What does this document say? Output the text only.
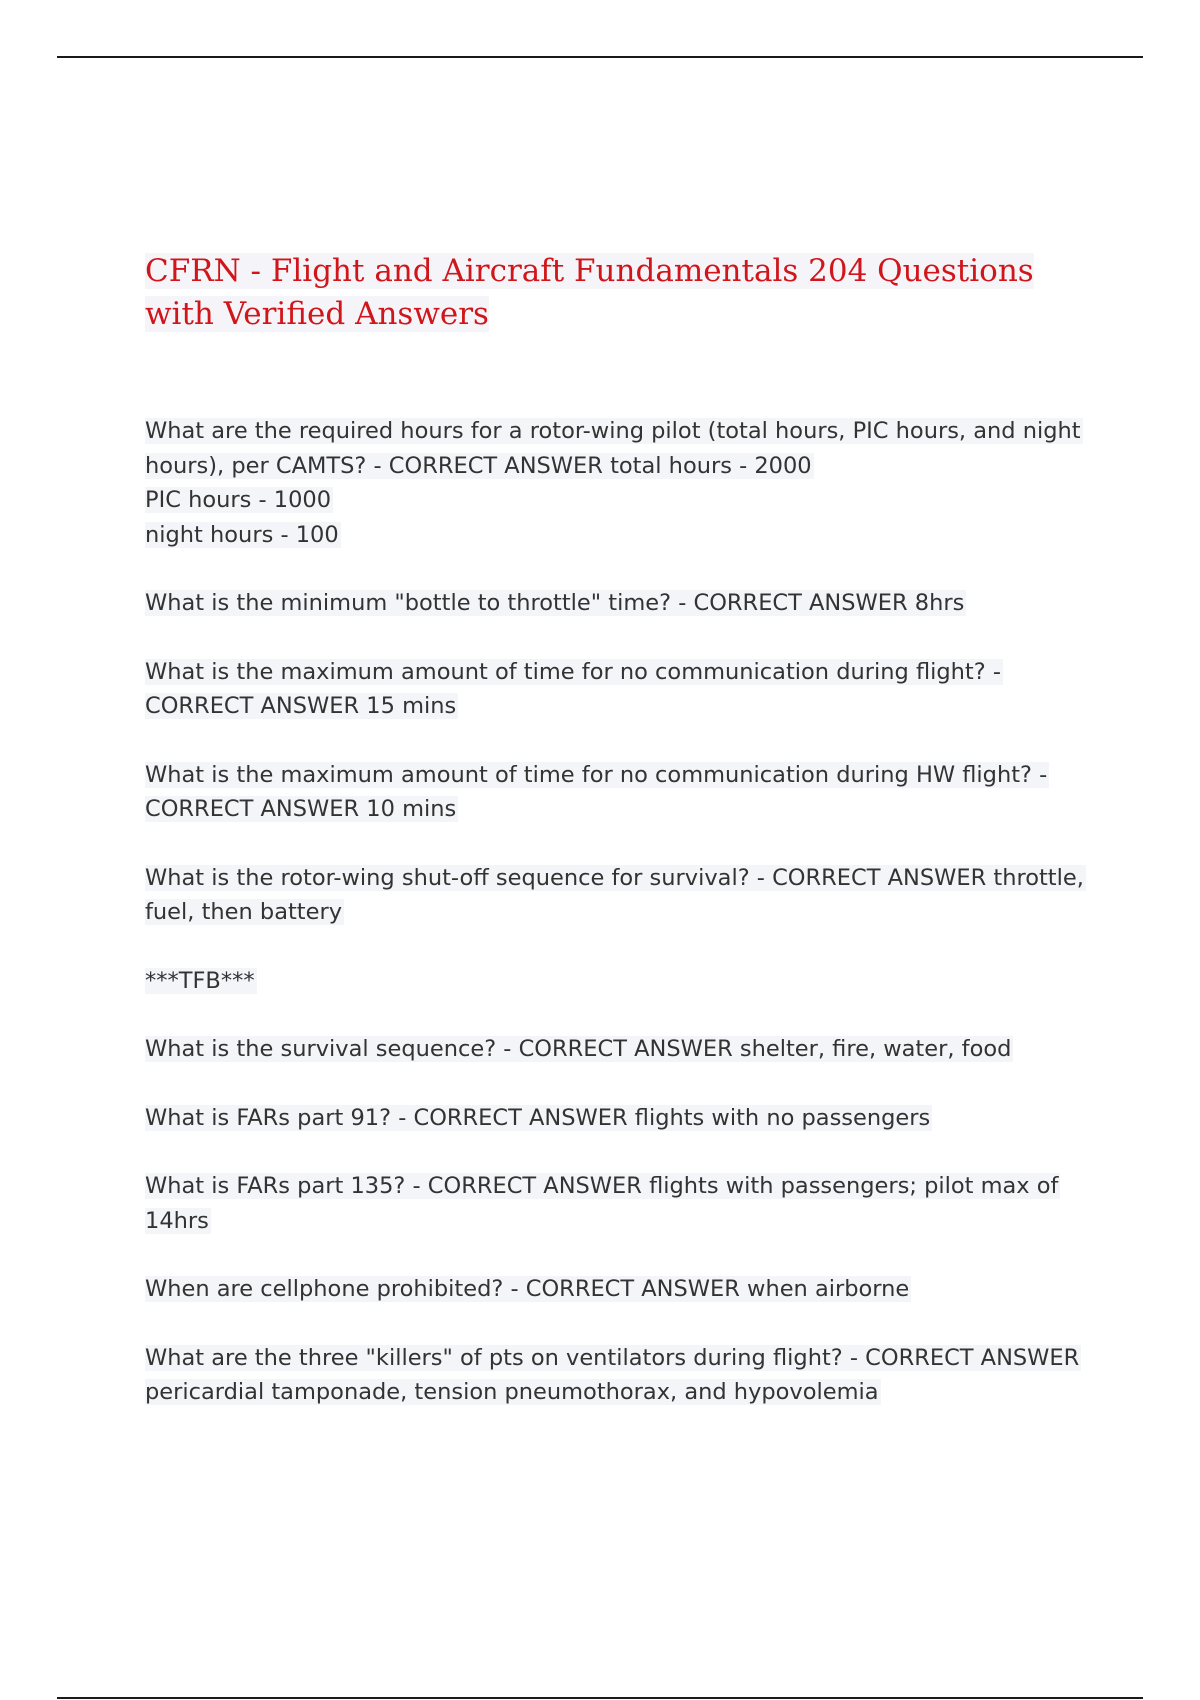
CFRN - Flight and Aircraft Fundamentals 204 Questions with Verified Answers

What are the required hours for a rotor-wing pilot (total hours, PIC hours, and night hours), per CAMTS? - CORRECT ANSWER total hours - 2000
PIC hours - 1000
night hours - 100

What is the minimum "bottle to throttle" time? - CORRECT ANSWER 8hrs

What is the maximum amount of time for no communication during flight? - CORRECT ANSWER 15 mins

What is the maximum amount of time for no communication during HW flight? - CORRECT ANSWER 10 mins

What is the rotor-wing shut-off sequence for survival? - CORRECT ANSWER throttle, fuel, then battery

***TFB***

What is the survival sequence? - CORRECT ANSWER shelter, fire, water, food

What is FARs part 91? - CORRECT ANSWER flights with no passengers

What is FARs part 135? - CORRECT ANSWER flights with passengers; pilot max of 14hrs

When are cellphone prohibited? - CORRECT ANSWER when airborne

What are the three "killers" of pts on ventilators during flight? - CORRECT ANSWER pericardial tamponade, tension pneumothorax, and hypovolemia
